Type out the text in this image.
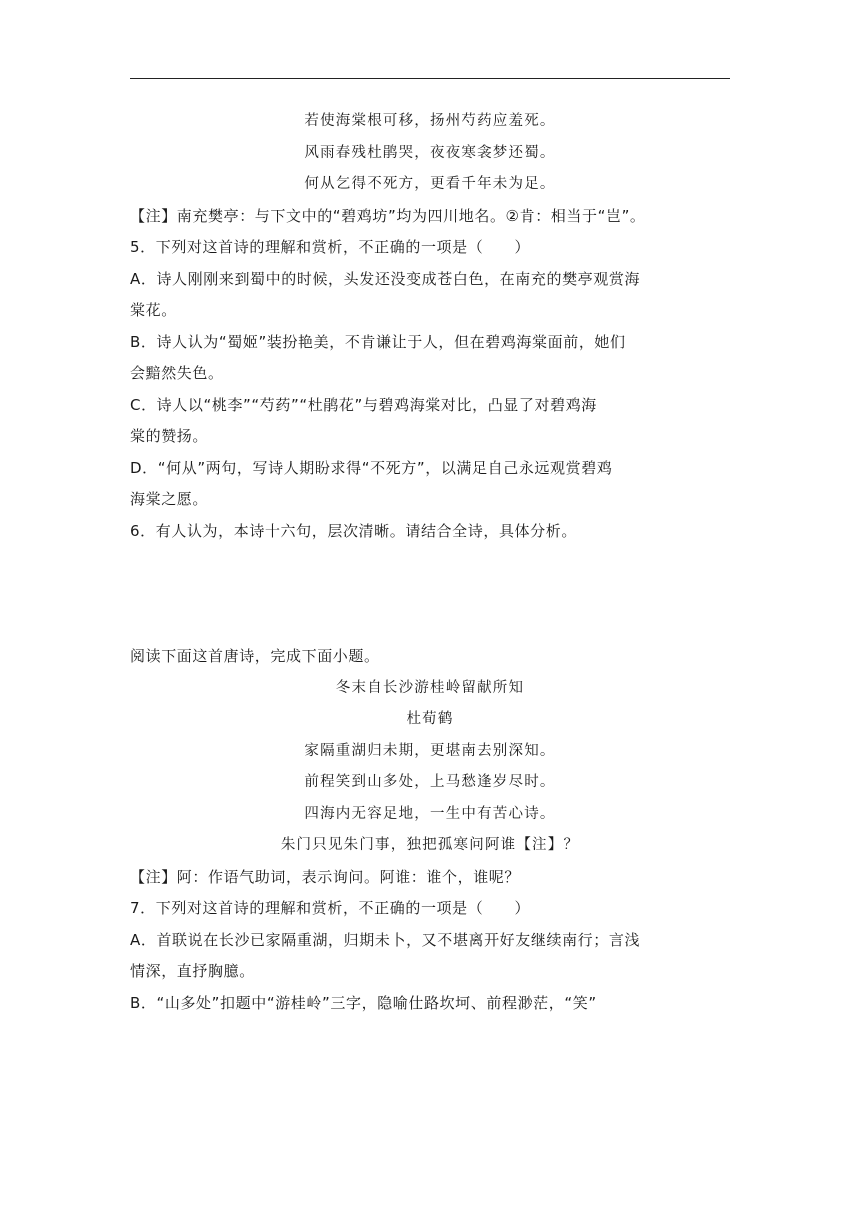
若使海棠根可移，扬州芍药应羞死。
风雨春残杜鹃哭，夜夜寒衾梦还蜀。
何从乞得不死方，更看千年未为足。
【注】南充樊亭：与下文中的“碧鸡坊”均为四川地名。②肯：相当于“岂”。
5．下列对这首诗的理解和赏析，不正确的一项是（　　）
A．诗人刚刚来到蜀中的时候，头发还没变成苍白色，在南充的樊亭观赏海
棠花。
B．诗人认为“蜀姬”装扮艳美，不肯谦让于人，但在碧鸡海棠面前，她们
会黯然失色。
C．诗人以“桃李”“芍药”“杜鹃花”与碧鸡海棠对比，凸显了对碧鸡海
棠的赞扬。
D．“何从”两句，写诗人期盼求得“不死方”，以满足自己永远观赏碧鸡
海棠之愿。
6．有人认为，本诗十六句，层次清晰。请结合全诗，具体分析。
阅读下面这首唐诗，完成下面小题。
冬末自长沙游桂岭留献所知
杜荀鹤
家隔重湖归未期，更堪南去别深知。
前程笑到山多处，上马愁逢岁尽时。
四海内无容足地，一生中有苦心诗。
朱门只见朱门事，独把孤寒问阿谁【注】？
【注】阿：作语气助词，表示询问。阿谁：谁个，谁呢？
7．下列对这首诗的理解和赏析，不正确的一项是（　　）
A．首联说在长沙已家隔重湖，归期未卜，又不堪离开好友继续南行；言浅
情深，直抒胸臆。
B．“山多处”扣题中“游桂岭”三字，隐喻仕路坎坷、前程渺茫，“笑”
